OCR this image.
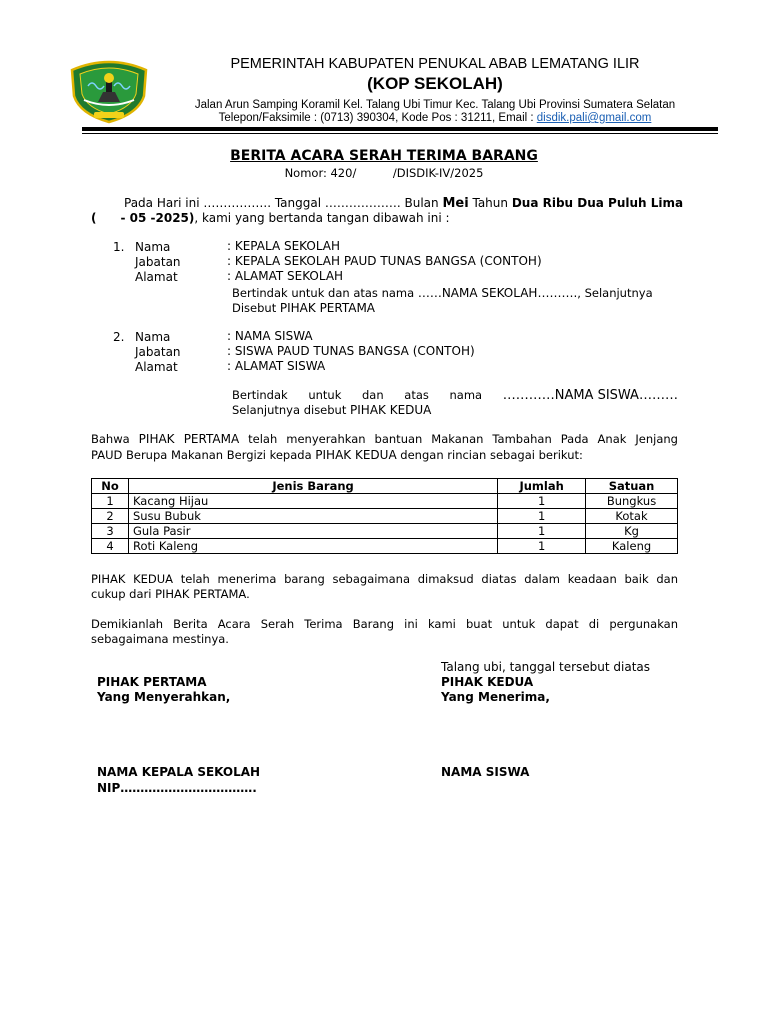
PEMERINTAH KABUPATEN PENUKAL ABAB LEMATANG ILIR
(KOP SEKOLAH)
Jalan Arun Samping Koramil Kel. Talang Ubi Timur Kec. Talang Ubi Provinsi Sumatera Selatan
Telepon/Faksimile : (0713) 390304, Kode Pos : 31211, Email : disdik.pali@gmail.com
BERITA ACARA SERAH TERIMA BARANG
Nomor: 420/          /DISDIK-IV/2025
Pada Hari ini …………….. Tanggal ………………. Bulan Mei Tahun Dua Ribu Dua Puluh Lima
( - 05 -2025), kami yang bertanda tangan dibawah ini :
1. Nama	: KEPALA SEKOLAH
Jabatan	: KEPALA SEKOLAH PAUD TUNAS BANGSA (CONTOH)
Alamat	: ALAMAT SEKOLAH
Bertindak untuk dan atas nama ……NAMA SEKOLAH………., Selanjutnya
Disebut PIHAK PERTAMA
2. Nama	: NAMA SISWA
Jabatan	: SISWA PAUD TUNAS BANGSA (CONTOH)
Alamat	: ALAMAT SISWA
Bertindak untuk dan atas nama …………NAMA SISWA………
Selanjutnya disebut PIHAK KEDUA
Bahwa PIHAK PERTAMA telah menyerahkan bantuan Makanan Tambahan Pada Anak Jenjang
PAUD Berupa Makanan Bergizi kepada PIHAK KEDUA dengan rincian sebagai berikut:
No	Jenis Barang	Jumlah	Satuan
1	Kacang Hijau	1	Bungkus
2	Susu Bubuk	1	Kotak
3	Gula Pasir	1	Kg
4	Roti Kaleng	1	Kaleng
PIHAK KEDUA telah menerima barang sebagaimana dimaksud diatas dalam keadaan baik dan
cukup dari PIHAK PERTAMA.
Demikianlah Berita Acara Serah Terima Barang ini kami buat untuk dapat di pergunakan
sebagaimana mestinya.
Talang ubi, tanggal tersebut diatas
PIHAK PERTAMA
Yang Menyerahkan,
PIHAK KEDUA
Yang Menerima,
NAMA KEPALA SEKOLAH
NIP…………………………….
NAMA SISWA
